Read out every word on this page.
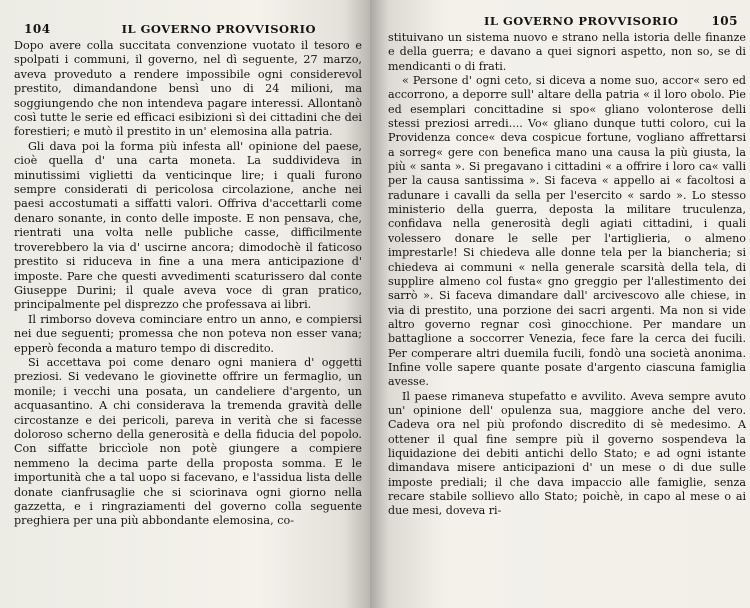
104	IL GOVERNO PROVVISORIO

Dopo avere colla succitata convenzione vuotato il tesoro e spolpati i communi, il governo, nel dì seguente, 27 marzo, aveva proveduto a rendere impossibile ogni considerevol prestito, dimandandone bensì uno di 24 milioni, ma soggiungendo che non intendeva pagare interessi. Allontanò così tutte le serie ed efficaci esibizioni sì dei cittadini che dei forestieri; e mutò il prestito in un' elemosina alla patria.

Gli dava poi la forma più infesta all' opinione del paese, cioè quella d' una carta moneta. La suddivideva in minutissimi viglietti da venticinque lire; i quali furono sempre considerati di pericolosa circolazione, anche nei paesi accostumati a siffatti valori. Offriva d'accettarli come denaro sonante, in conto delle imposte. E non pensava, che, rientrati una volta nelle publiche casse, difficilmente troverebbero la via d' uscirne ancora; dimodochè il faticoso prestito si riduceva in fine a una mera anticipazione d' imposte. Pare che questi avvedimenti scaturissero dal conte Giuseppe Durini; il quale aveva voce di gran pratico, principalmente pel disprezzo che professava ai libri.

Il rimborso doveva cominciare entro un anno, e compiersi nei due seguenti; promessa che non poteva non esser vana; epperò feconda a maturo tempo di discredito.

Si accettava poi come denaro ogni maniera d' oggetti preziosi. Si vedevano le giovinette offrire un fermaglio, un monile; i vecchi una posata, un candeliere d'argento, un acquasantino. A chi considerava la tremenda gravità delle circostanze e dei pericoli, pareva in verità che si facesse doloroso scherno della generosità e della fiducia del popolo. Con siffatte briccìole non potè giungere a compiere nemmeno la decima parte della proposta somma. E le importunità che a tal uopo si facevano, e l'assidua lista delle donate cianfrusaglie che si sciorinava ogni giorno nella gazzetta, e i ringraziamenti del governo colla seguente preghiera per una più abbondante elemosina, co-

IL GOVERNO PROVVISORIO	105

stituivano un sistema nuovo e strano nella istoria delle finanze e della guerra; e davano a quei signori aspetto, non so, se di mendicanti o di frati.

« Persone d' ogni ceto, si diceva a nome suo, accor« sero ed accorrono, a deporre sull' altare della patria « il loro obolo. Pie ed esemplari concittadine si spo« gliano volonterose delli stessi preziosi arredi.... Vo« gliano dunque tutti coloro, cui la Providenza conce« deva cospicue fortune, vogliano affrettarsi a sorreg« gere con benefica mano una causa la più giusta, la più « santa ». Si pregavano i cittadini « a offrire i loro ca« valli per la causa santissima ». Si faceva « appello ai « facoltosi a radunare i cavalli da sella per l'esercito « sardo ». Lo stesso ministerio della guerra, deposta la militare truculenza, confidava nella generosità degli agiati cittadini, i quali volessero donare le selle per l'artiglieria, o almeno imprestarle! Si chiedeva alle donne tela per la biancheria; si chiedeva ai communi « nella generale scarsità della tela, di supplire almeno col fusta« gno greggio per l'allestimento dei sarrò ». Si faceva dimandare dall' arcivescovo alle chiese, in via di prestito, una porzione dei sacri argenti. Ma non si vide altro governo regnar così ginocchione. Per mandare un battaglione a soccorrer Venezia, fece fare la cerca dei fucili. Per comperare altri duemila fucili, fondò una società anonima. Infine volle sapere quante posate d'argento ciascuna famiglia avesse.

Il paese rimaneva stupefatto e avvilito. Aveva sempre avuto un' opinione dell' opulenza sua, maggiore anche del vero. Cadeva ora nel più profondo discredito di sè medesimo. A ottener il qual fine sempre più il governo sospendeva la liquidazione dei debiti antichi dello Stato; e ad ogni istante dimandava misere anticipazioni d' un mese o di due sulle imposte prediali; il che dava impaccio alle famiglie, senza recare stabile sollievo allo Stato; poichè, in capo al mese o ai due mesi, doveva ri-
